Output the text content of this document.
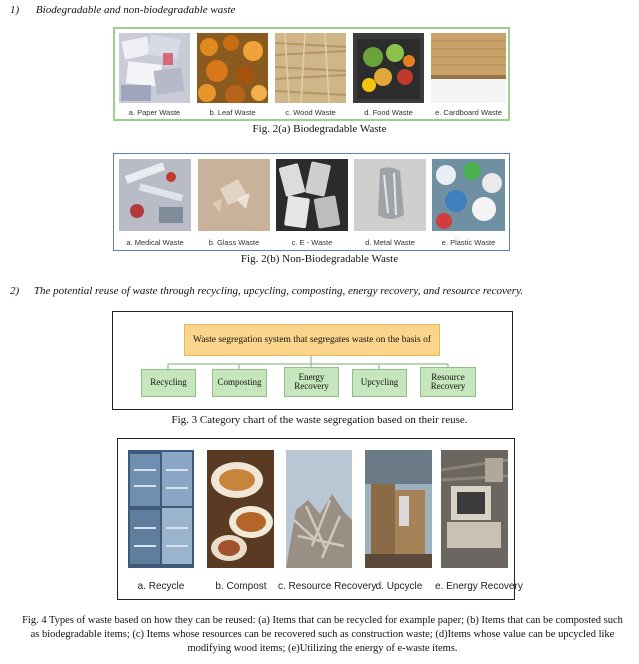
1) Biodegradable and non-biodegradable waste
a. Paper Waste	b. Leaf Waste	c. Wood Waste	d. Food Waste	e. Cardboard Waste
Fig. 2(a) Biodegradable Waste
a. Medical Waste	b. Glass Waste	c. E - Waste	d. Metal Waste	e. Plastic Waste
Fig. 2(b) Non-Biodegradable Waste
2) The potential reuse of waste through recycling, upcycling, composting, energy recovery, and resource recovery.
Waste segregation system that segregates waste on the basis of
Recycling	Composting
Energy Recovery	Upcycling
Resource Recovery
Fig. 3 Category chart of the waste segregation based on their reuse.
a. Recycle	b. Compost	c. Resource Recovery d. Upcycle	e. Energy Recovery
Fig. 4 Types of waste based on how they can be reused: (a) Items that can be recycled for example paper; (b) Items that can be composted such as biodegradable items; (c) Items whose resources can be recovered such as construction waste; (d)Items whose value can be upcycled like modifying wood items; (e)Utilizing the energy of e-waste items.
